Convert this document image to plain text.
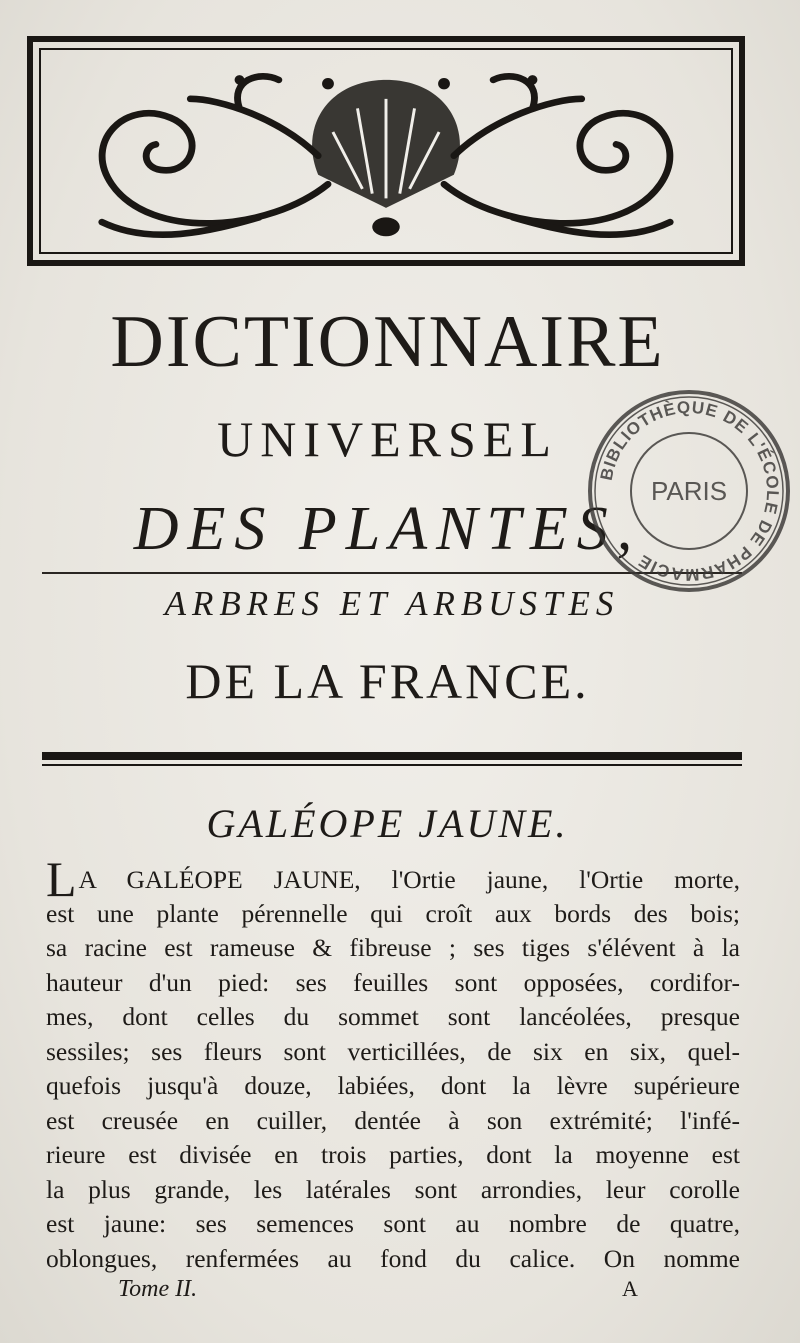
DICTIONNAIRE
UNIVERSEL
DES PLANTES,
ARBRES ET ARBUSTES
DE LA FRANCE.
GALÉOPE JAUNE.
LA GALÉOPE JAUNE, l'Ortie jaune, l'Ortie morte,
est une plante pérennelle qui croît aux bords des bois;
sa racine est rameuse & fibreuse ; ses tiges s'élévent à la
hauteur d'un pied: ses feuilles sont opposées, cordifor-
mes, dont celles du sommet sont lancéolées, presque
sessiles; ses fleurs sont verticillées, de six en six, quel-
quefois jusqu'à douze, labiées, dont la lèvre supérieure
est creusée en cuiller, dentée à son extrémité; l'infé-
rieure est divisée en trois parties, dont la moyenne est
la plus grande, les latérales sont arrondies, leur corolle
est jaune: ses semences sont au nombre de quatre,
oblongues, renfermées au fond du calice. On nomme
Tome II.	A
BIBLIOTHÈQUE DE L'ÉCOLE DE PHARMACIE
PARIS
